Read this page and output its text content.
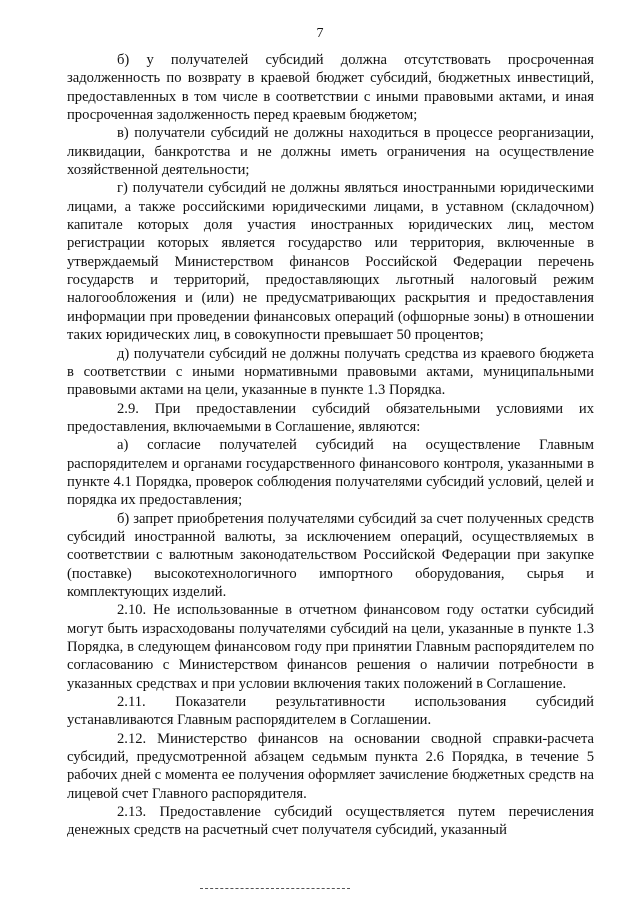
7

б) у получателей субсидий должна отсутствовать просроченная задолженность по возврату в краевой бюджет субсидий, бюджетных инвестиций, предоставленных в том числе в соответствии с иными правовыми актами, и иная просроченная задолженность перед краевым бюджетом;

в) получатели субсидий не должны находиться в процессе реорганизации, ликвидации, банкротства и не должны иметь ограничения на осуществление хозяйственной деятельности;

г) получатели субсидий не должны являться иностранными юридическими лицами, а также российскими юридическими лицами, в уставном (складочном) капитале которых доля участия иностранных юридических лиц, местом регистрации которых является государство или территория, включенные в утверждаемый Министерством финансов Российской Федерации перечень государств и территорий, предоставляющих льготный налоговый режим налогообложения и (или) не предусматривающих раскрытия и предоставления информации при проведении финансовых операций (офшорные зоны) в отношении таких юридических лиц, в совокупности превышает 50 процентов;

д) получатели субсидий не должны получать средства из краевого бюджета в соответствии с иными нормативными правовыми актами, муниципальными правовыми актами на цели, указанные в пункте 1.3 Порядка.

2.9. При предоставлении субсидий обязательными условиями их предоставления, включаемыми в Соглашение, являются:

а) согласие получателей субсидий на осуществление Главным распорядителем и органами государственного финансового контроля, указанными в пункте 4.1 Порядка, проверок соблюдения получателями субсидий условий, целей и порядка их предоставления;

б) запрет приобретения получателями субсидий за счет полученных средств субсидий иностранной валюты, за исключением операций, осуществляемых в соответствии с валютным законодательством Российской Федерации при закупке (поставке) высокотехнологичного импортного оборудования, сырья и комплектующих изделий.

2.10. Не использованные в отчетном финансовом году остатки субсидий могут быть израсходованы получателями субсидий на цели, указанные в пункте 1.3 Порядка, в следующем финансовом году при принятии Главным распорядителем по согласованию с Министерством финансов решения о наличии потребности в указанных средствах и при условии включения таких положений в Соглашение.

2.11. Показатели результативности использования субсидий устанавливаются Главным распорядителем в Соглашении.

2.12. Министерство финансов на основании сводной справки-расчета субсидий, предусмотренной абзацем седьмым пункта 2.6 Порядка, в течение 5 рабочих дней с момента ее получения оформляет зачисление бюджетных средств на лицевой счет Главного распорядителя.

2.13. Предоставление субсидий осуществляется путем перечисления денежных средств на расчетный счет получателя субсидий, указанный
